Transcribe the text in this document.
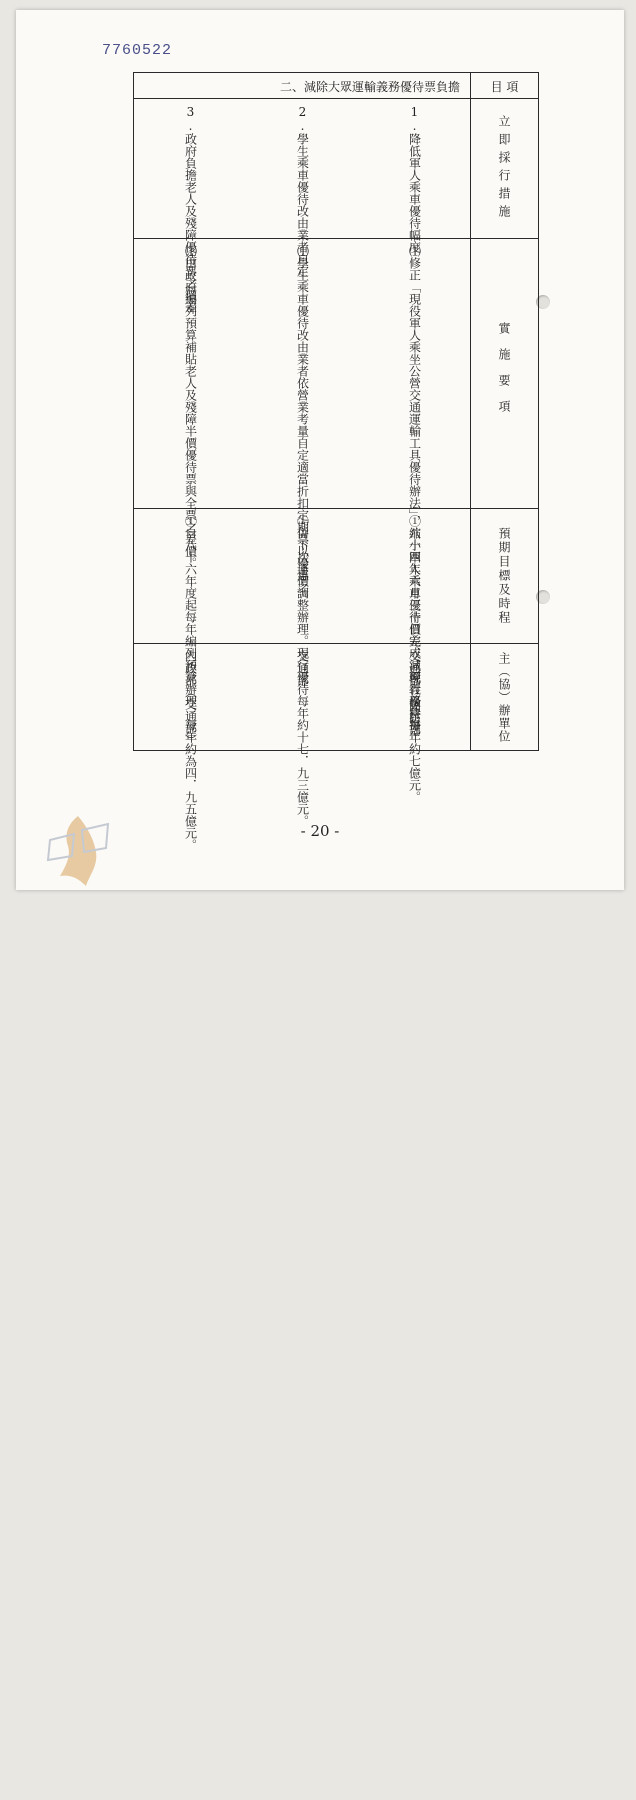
7760522
二、減除大眾運輸義務優待票負擔	目 項

1.降低軍人乘車優待幅度
2.學生乘車優待改由業者自定
3.政府負擔老人及殘障優待票之價差	立即採行措施

⑴修正「現役軍人乘坐公營交通運輸工具優待辦法」，縮小軍人乘車優待價差，減輕義務負擔。
⑴學生乘車優待改由業者依營業考量自定適當折扣定期票以優惠之。
⑴由政府編列預算補貼老人及殘障半價優待票與全票之差價。	實施要項

①八十四年六月三十日完成。現行優待每年約七億元。
①併下次運價調整辦理。現行優待每年約十七．九三億元。
①自八十六年度起每年編列預算辦理，每年約為四．九五億元。	預期目標及時程

交通部 國防部
交通部
內政部（交通部）	主（協）辦單位
- 20 -
